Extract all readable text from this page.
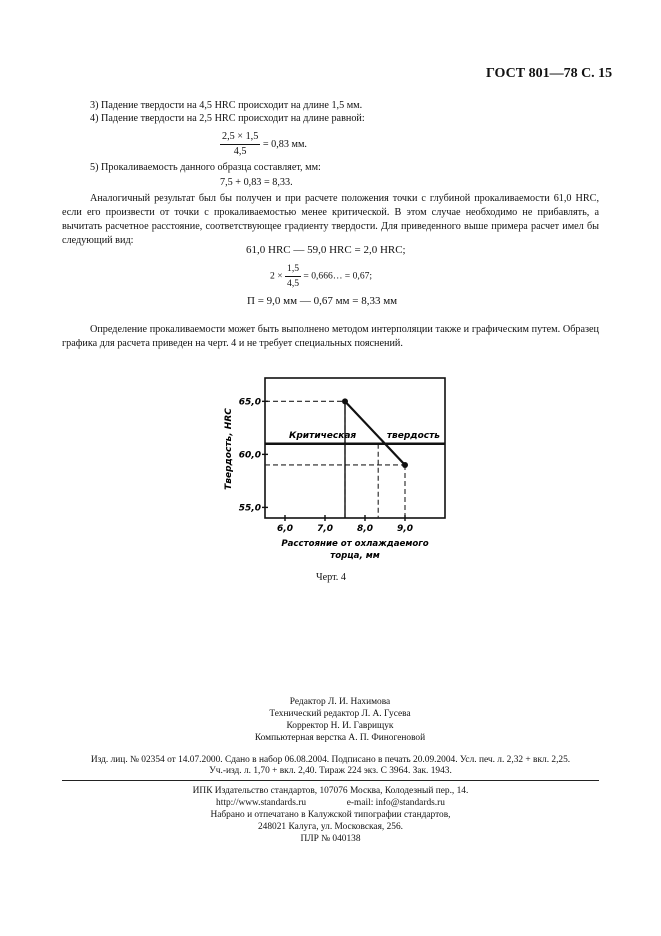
ГОСТ 801—78 С. 15
3) Падение твердости на 4,5 HRC происходит на длине 1,5 мм.
4) Падение твердости на 2,5 HRC происходит на длине равной:
$\frac{2,5 \times 1,5}{4,5} = 0,83$ мм.
5) Прокаливаемость данного образца составляет, мм:
7,5 + 0,83 = 8,33.
Аналогичный результат был бы получен и при расчете положения точки с глубиной прокаливаемости 61,0 HRC, если его произвести от точки с прокаливаемостью менее критической. В этом случае необходимо не прибавлять, а вычитать расчетное расстояние, соответствующее градиенту твердости. Для приведенного выше примера расчет имел бы следующий вид:
61,0 HRC — 59,0 HRC = 2,0 HRC;
$2 \times \frac{1,5}{4,5}$ = 0,666… = 0,67;
П = 9,0 мм — 0,67 мм = 8,33 мм
Определение прокаливаемости может быть выполнено методом интерполяции также и графическим путем. Образец графика для расчета приведен на черт. 4 и не требует специальных пояснений.
Критическая	твердость
65,0
60,0
55,0
6,0	7,0	8,0	9,0
Твердость, HRC
Расстояние от охлаждаемого
торца, мм
Черт. 4
Редактор Л. И. Нахимова
Технический редактор Л. А. Гусева
Корректор Н. И. Гаврищук
Компьютерная верстка А. П. Финогеновой
Изд. лиц. № 02354 от 14.07.2000. Сдано в набор 06.08.2004. Подписано в печать 20.09.2004. Усл. печ. л. 2,32 + вкл. 2,25.
Уч.-изд. л. 1,70 + вкл. 2,40. Тираж 224 экз. С 3964. Зак. 1943.
ИПК Издательство стандартов, 107076 Москва, Колодезный пер., 14.
http://www.standards.ru	e-mail: info@standards.ru
Набрано и отпечатано в Калужской типографии стандартов,
248021 Калуга, ул. Московская, 256.
ПЛР № 040138
